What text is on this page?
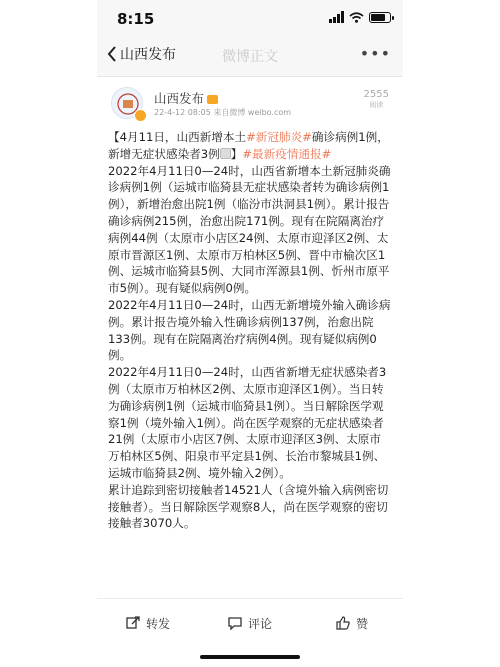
8:15
山西发布	微博正文	•••
山西发布
22-4-12 08:05 来自微博 weibo.com
2555
阅读

【4月11日，山西新增本土#新冠肺炎#确诊病例1例，新增无症状感染者3例 】#最新疫情通报#

2022年4月11日0—24时，山西省新增本土新冠肺炎确诊病例1例（运城市临猗县无症状感染者转为确诊病例1例），新增治愈出院1例（临汾市洪洞县1例）。累计报告确诊病例215例，治愈出院171例。现有在院隔离治疗病例44例（太原市小店区24例、太原市迎泽区2例、太原市晋源区1例、太原市万柏林区5例、晋中市榆次区1例、运城市临猗县5例、大同市浑源县1例、忻州市原平市5例）。现有疑似病例0例。

2022年4月11日0—24时，山西无新增境外输入确诊病例。累计报告境外输入性确诊病例137例，治愈出院133例。现有在院隔离治疗病例4例。现有疑似病例0例。

2022年4月11日0—24时，山西省新增无症状感染者3例（太原市万柏林区2例、太原市迎泽区1例）。当日转为确诊病例1例（运城市临猗县1例）。当日解除医学观察1例（境外输入1例）。尚在医学观察的无症状感染者21例（太原市小店区7例、太原市迎泽区3例、太原市万柏林区5例、阳泉市平定县1例、长治市黎城县1例、运城市临猗县2例、境外输入2例）。

累计追踪到密切接触者14521人（含境外输入病例密切接触者）。当日解除医学观察8人，尚在医学观察的密切接触者3070人。

转发	评论	赞
